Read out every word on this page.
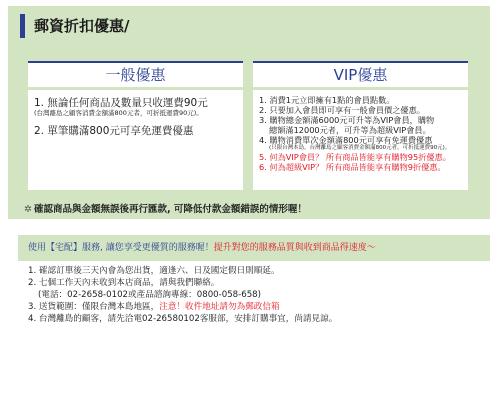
郵資折扣優惠/
一般優惠
1. 無論任何商品及數量只收運費90元
(台灣離島之顧客消費金額滿800元者，可折抵運費90元)。
2. 單筆購滿800元可享免運費優惠
VIP優惠
1. 消費1元立即擁有1點的會員點數。
2. 只要加入會員即可享有一般會員價之優惠。
3. 購物總金額滿6000元可升等為VIP會員，購物
總額滿12000元者，可升等為超級VIP會員。
4. 購物消費單次金額滿800元可享有免運費優惠
(只限台灣本島，台灣離島之顧客消費金額滿800元者，可折抵運費90元)。
5. 何為VIP會員？ 所有商品皆能享有購物95折優惠。
6. 何為超級VIP？ 所有商品皆能享有購物9折優惠。
✲ 確認商品與金額無誤後再行匯款, 可降低付款金額錯誤的情形喔！
使用【宅配】服務, 讓您享受更優質的服務喔！提升對您的服務品質與收到商品得速度～
1. 確認訂單後三天內會為您出貨，適逢六、日及國定假日則順延。
2. 七個工作天內未收到本店商品，請與我們聯絡。
(電話：02-2658-0102或產品諮詢專線：0800-058-658)
3. 送貨範圍：僅限台灣本島地區，注意！收件地址請勿為郵政信箱
4. 台灣離島的顧客，請先洽電02-26580102客服部，安排訂購事宜，尚請見諒。
